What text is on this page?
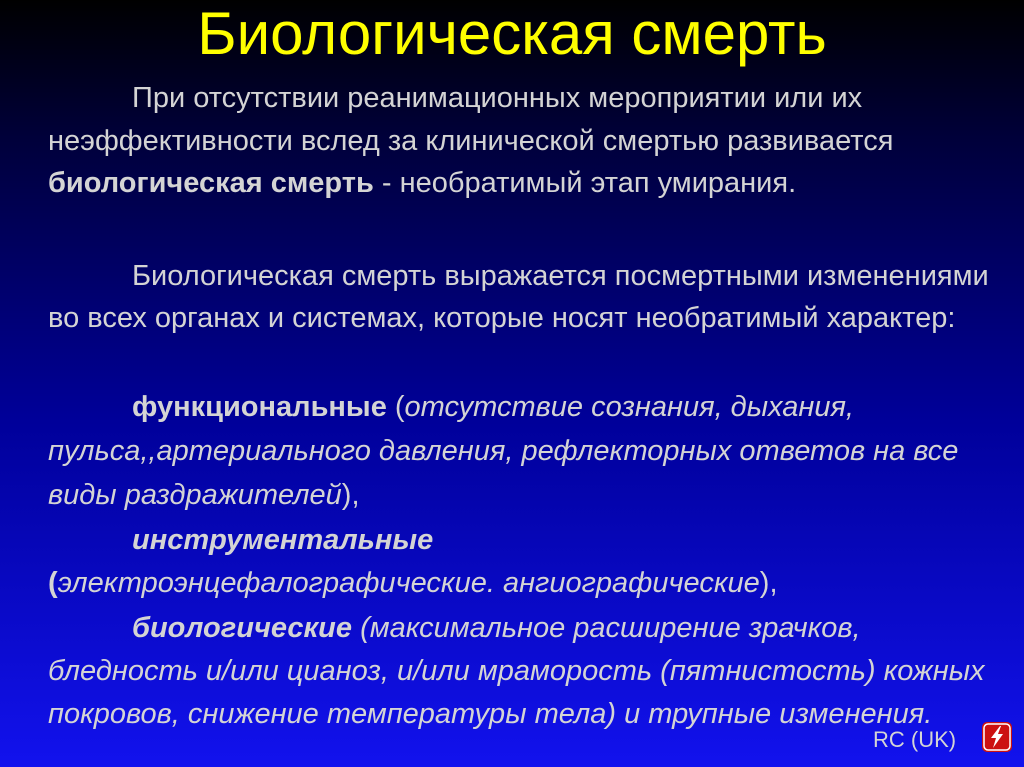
Биологическая смерть

При отсутствии реанимационных мероприятии или их неэффективности вслед за клинической смертью развивается биологическая смерть - необратимый этап умирания.

Биологическая смерть выражается посмертными изменениями во всех органах и системах, которые носят необратимый характер:

функциональные (отсутствие сознания, дыхания, пульса,,артериального давления, рефлекторных ответов на все виды раздражителей),

инструментальные
(электроэнцефалографические. ангиографические),

биологические (максимальное расширение зрачков, бледность и/или цианоз, и/или мраморость (пятнистость) кожных покровов, снижение температуры тела) и трупные изменения.

RC (UK)
